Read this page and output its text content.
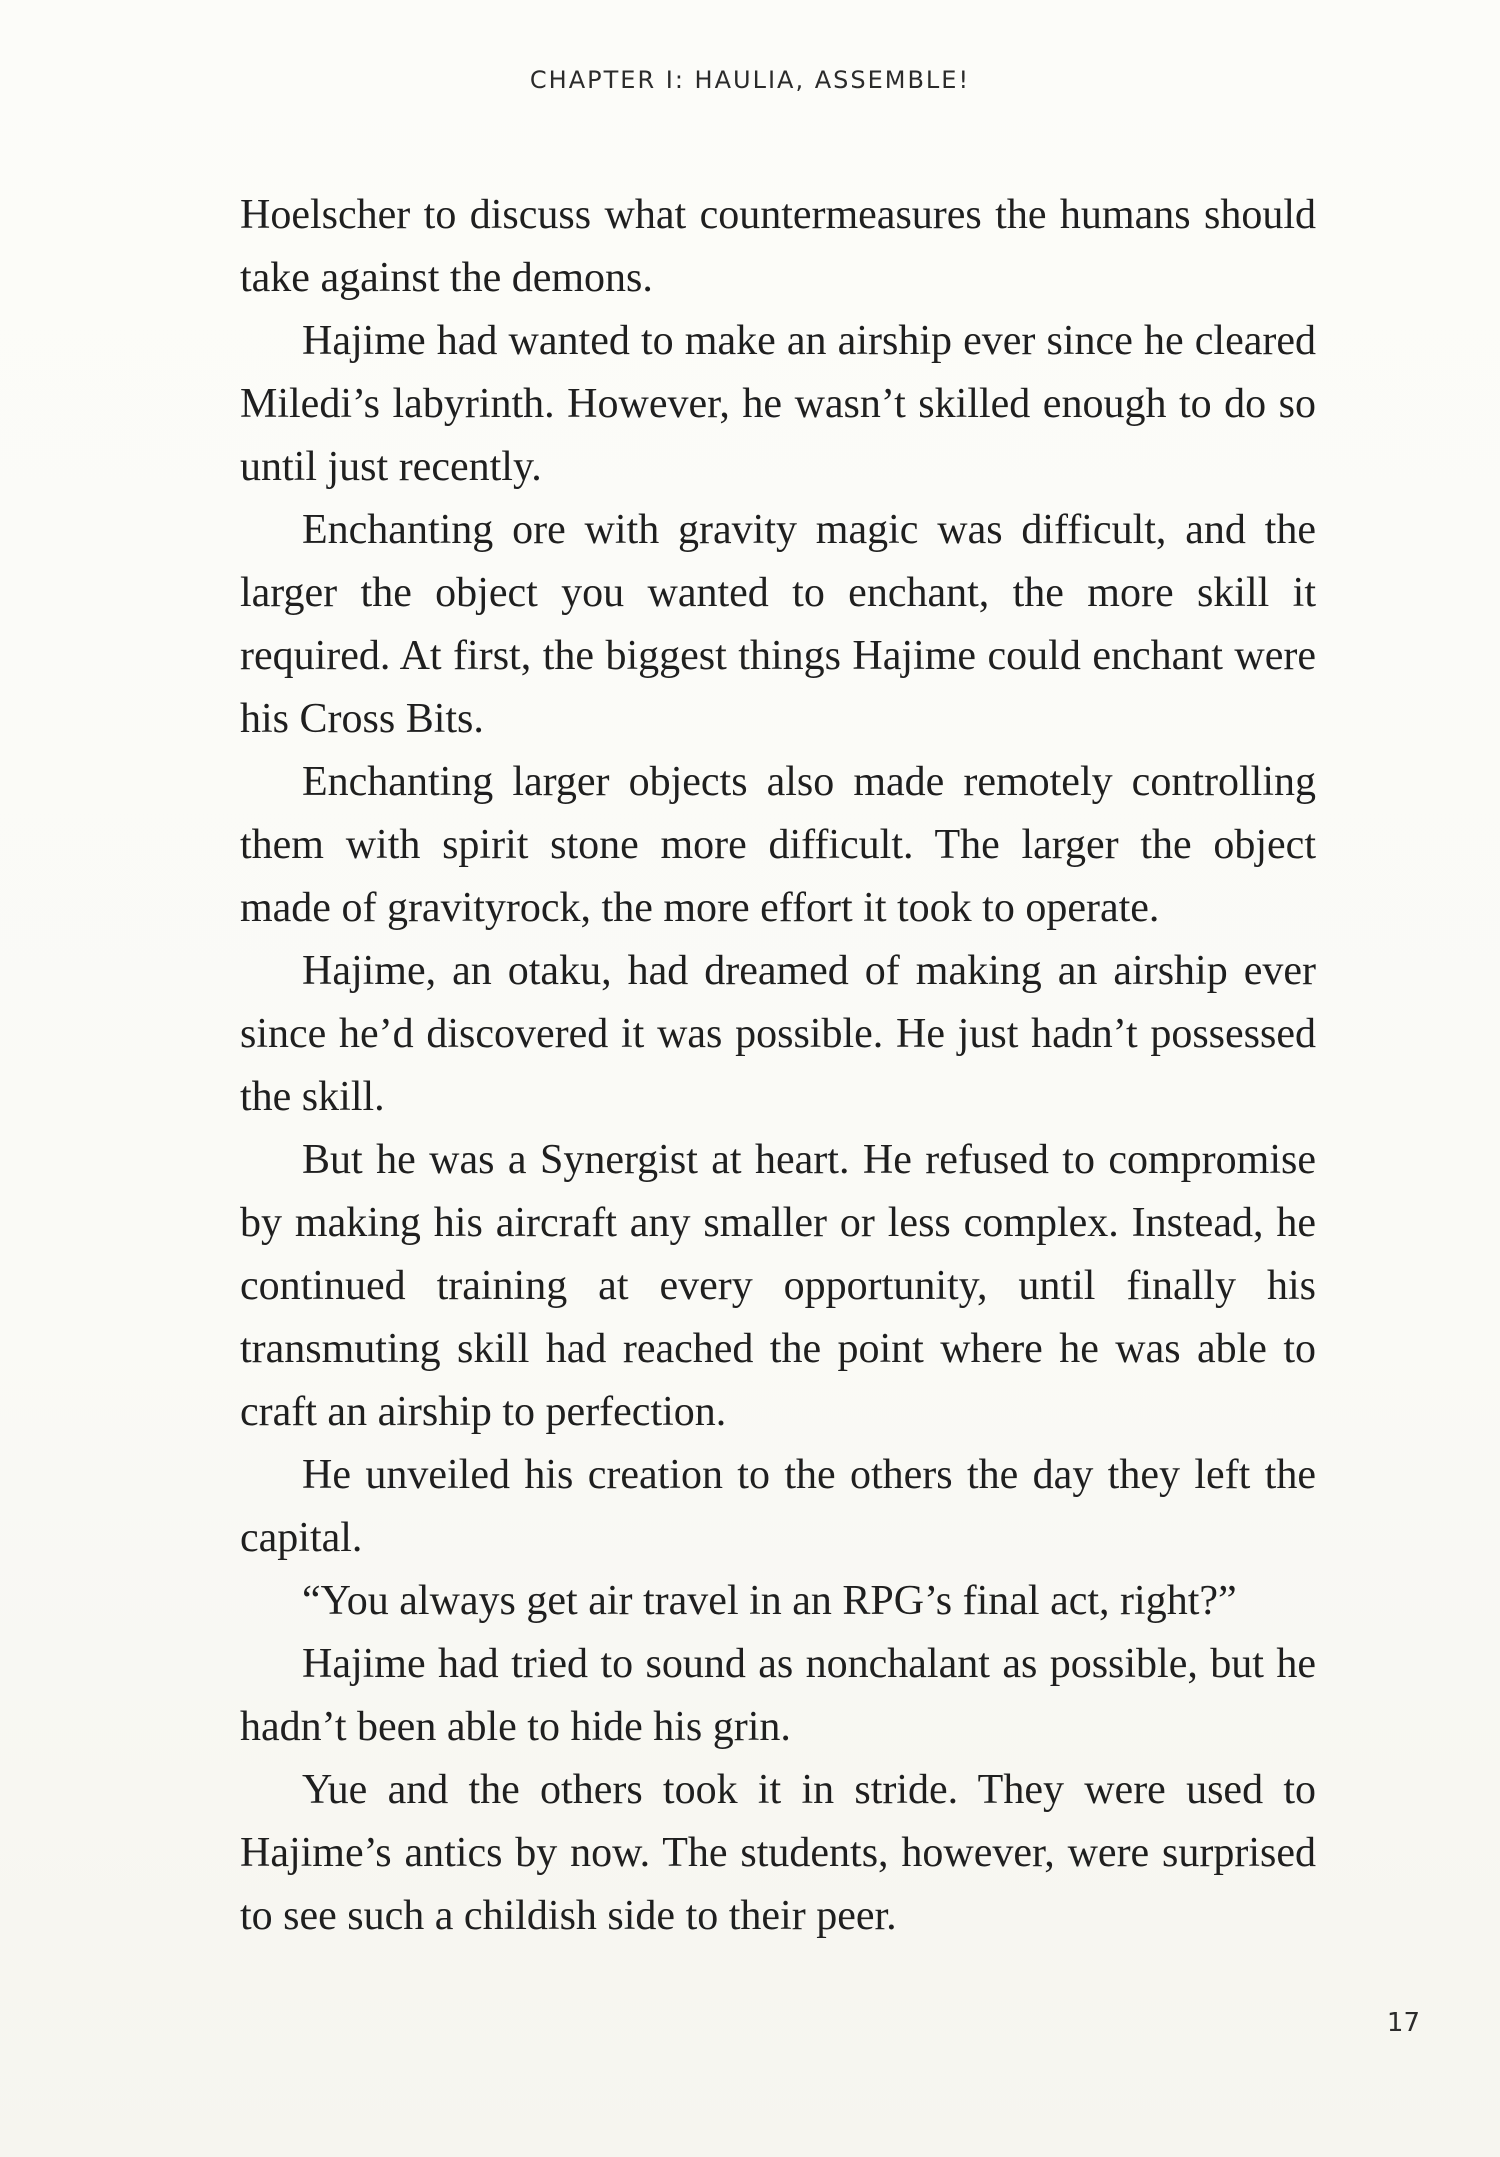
CHAPTER I: HAULIA, ASSEMBLE!

Hoelscher to discuss what countermeasures the humans should take against the demons.

Hajime had wanted to make an airship ever since he cleared Miledi’s labyrinth. However, he wasn’t skilled enough to do so until just recently.

Enchanting ore with gravity magic was difficult, and the larger the object you wanted to enchant, the more skill it required. At first, the biggest things Hajime could enchant were his Cross Bits.

Enchanting larger objects also made remotely controlling them with spirit stone more difficult. The larger the object made of gravityrock, the more effort it took to operate.

Hajime, an otaku, had dreamed of making an airship ever since he’d discovered it was possible. He just hadn’t possessed the skill.

But he was a Synergist at heart. He refused to compromise by making his aircraft any smaller or less complex. Instead, he continued training at every opportunity, until finally his transmuting skill had reached the point where he was able to craft an airship to perfection.

He unveiled his creation to the others the day they left the capital.

“You always get air travel in an RPG’s final act, right?”

Hajime had tried to sound as nonchalant as possible, but he hadn’t been able to hide his grin.

Yue and the others took it in stride. They were used to Hajime’s antics by now. The students, however, were surprised to see such a childish side to their peer.

17
